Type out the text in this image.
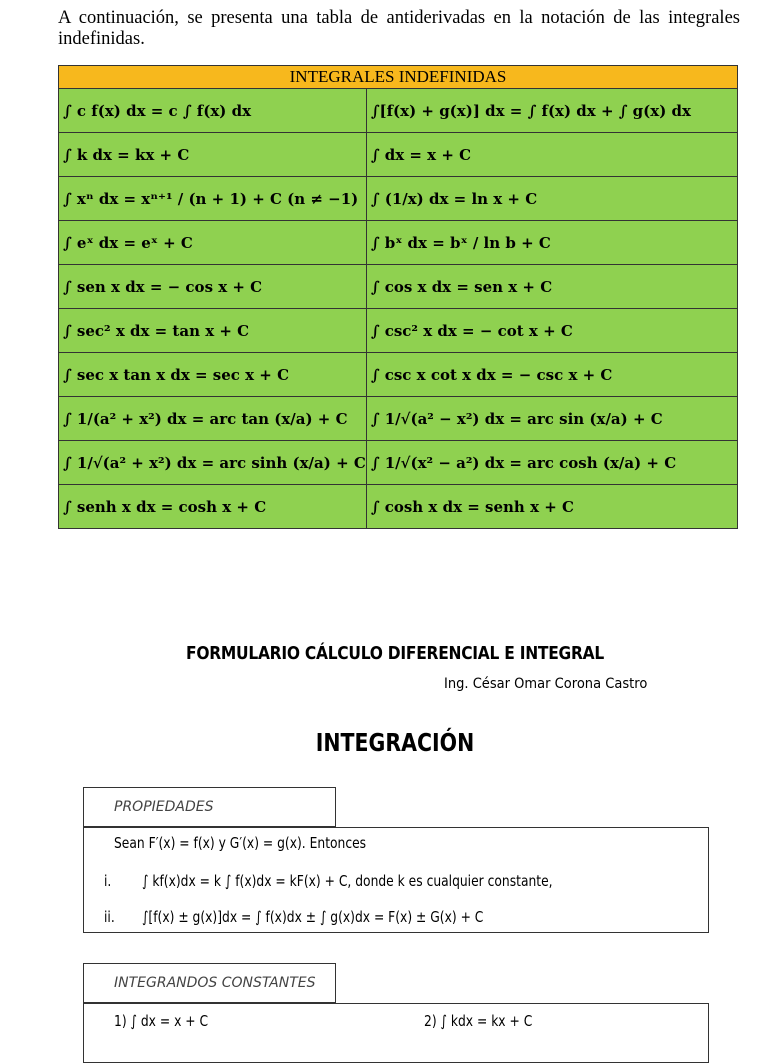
A continuación, se presenta una tabla de antiderivadas en la notación de las integrales indefinidas.
INTEGRALES INDEFINIDAS	
∫ c f(x) dx = c ∫ f(x) dx	∫[f(x) + g(x)] dx = ∫ f(x) dx + ∫ g(x) dx
∫ k dx = kx + C	∫ dx = x + C
∫ xⁿ dx = xⁿ⁺¹ / (n + 1) + C (n ≠ −1)	∫ (1/x) dx = ln x + C
∫ eˣ dx = eˣ + C	∫ bˣ dx = bˣ / ln b + C
∫ sen x dx = − cos x + C	∫ cos x dx = sen x + C
∫ sec² x dx = tan x + C	∫ csc² x dx = − cot x + C
∫ sec x tan x dx = sec x + C	∫ csc x cot x dx = − csc x + C
∫ 1/(a² + x²) dx = arc tan (x/a) + C	∫ 1/√(a² − x²) dx = arc sin (x/a) + C
∫ 1/√(a² + x²) dx = arc sinh (x/a) + C	∫ 1/√(x² − a²) dx = arc cosh (x/a) + C
∫ senh x dx = cosh x + C	∫ cosh x dx = senh x + C
FORMULARIO CÁLCULO DIFERENCIAL E INTEGRAL
Ing. César Omar Corona Castro
INTEGRACIÓN
PROPIEDADES
Sean F′(x) = f(x) y G′(x) = g(x). Entonces
i. ∫ kf(x)dx = k ∫ f(x)dx = kF(x) + C, donde k es cualquier constante,
ii. ∫[f(x) ± g(x)]dx = ∫ f(x)dx ± ∫ g(x)dx = F(x) ± G(x) + C
INTEGRANDOS CONSTANTES
1) ∫ dx = x + C	2) ∫ kdx = kx + C
